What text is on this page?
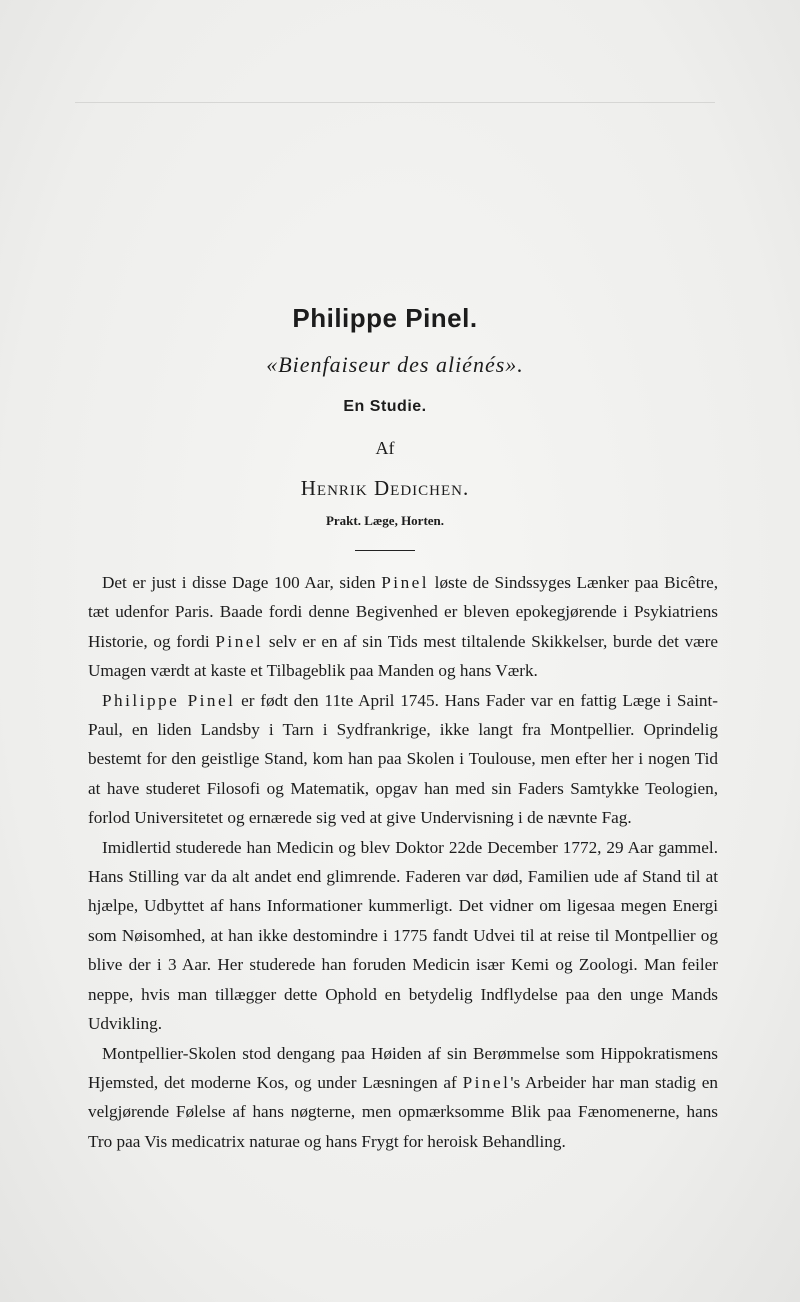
Philippe Pinel.
«Bienfaiseur des aliénés».
En Studie.
Af
Henrik Dedichen.
Prakt. Læge, Horten.

Det er just i disse Dage 100 Aar, siden Pinel løste de Sindssyges Lænker paa Bicêtre, tæt udenfor Paris. Baade fordi denne Begivenhed er bleven epokegjørende i Psykiatriens Historie, og fordi Pinel selv er en af sin Tids mest tiltalende Skikkelser, burde det være Umagen værdt at kaste et Tilbageblik paa Manden og hans Værk.

Philippe Pinel er født den 11te April 1745. Hans Fader var en fattig Læge i Saint-Paul, en liden Landsby i Tarn i Sydfrankrige, ikke langt fra Montpellier. Oprindelig bestemt for den geistlige Stand, kom han paa Skolen i Toulouse, men efter her i nogen Tid at have studeret Filosofi og Matematik, opgav han med sin Faders Samtykke Teologien, forlod Universitetet og ernærede sig ved at give Undervisning i de nævnte Fag.

Imidlertid studerede han Medicin og blev Doktor 22de December 1772, 29 Aar gammel. Hans Stilling var da alt andet end glimrende. Faderen var død, Familien ude af Stand til at hjælpe, Udbyttet af hans Informationer kummerligt. Det vidner om ligesaa megen Energi som Nøisomhed, at han ikke destomindre i 1775 fandt Udvei til at reise til Montpellier og blive der i 3 Aar. Her studerede han foruden Medicin især Kemi og Zoologi. Man feiler neppe, hvis man tillægger dette Ophold en betydelig Indflydelse paa den unge Mands Udvikling.

Montpellier-Skolen stod dengang paa Høiden af sin Berømmelse som Hippokratismens Hjemsted, det moderne Kos, og under Læsningen af Pinel's Arbeider har man stadig en velgjørende Følelse af hans nøgterne, men opmærksomme Blik paa Fænomenerne, hans Tro paa Vis medicatrix naturae og hans Frygt for heroisk Behandling.
